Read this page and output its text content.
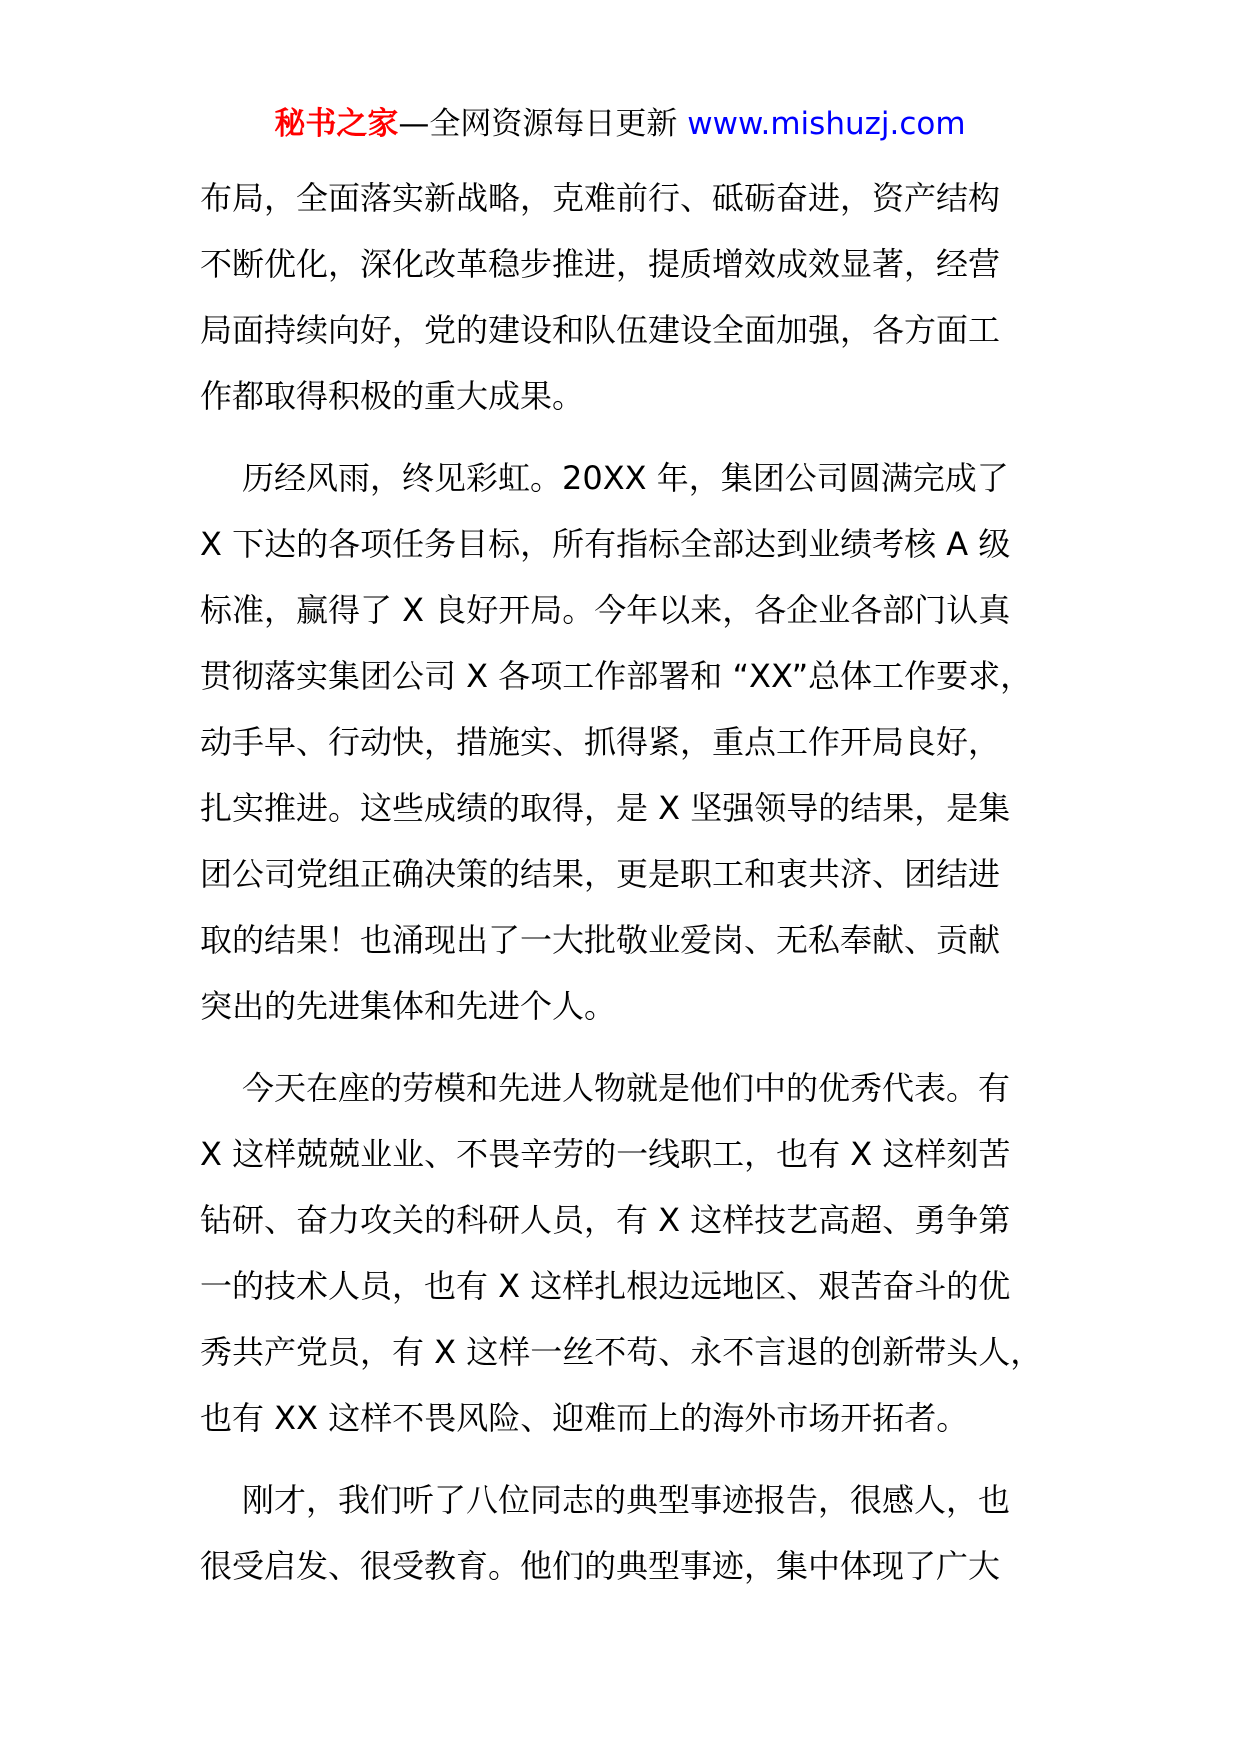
秘书之家—全网资源每日更新 www.mishuzj.com
布局，全面落实新战略，克难前行、砥砺奋进，资产结构
不断优化，深化改革稳步推进，提质增效成效显著，经营
局面持续向好，党的建设和队伍建设全面加强，各方面工
作都取得积极的重大成果。
历经风雨，终见彩虹。20XX 年，集团公司圆满完成了
X 下达的各项任务目标，所有指标全部达到业绩考核 A 级
标准，赢得了 X 良好开局。今年以来，各企业各部门认真
贯彻落实集团公司 X 各项工作部署和 “XX”总体工作要求，
动手早、行动快，措施实、抓得紧，重点工作开局良好，
扎实推进。这些成绩的取得，是 X 坚强领导的结果，是集
团公司党组正确决策的结果，更是职工和衷共济、团结进
取的结果！也涌现出了一大批敬业爱岗、无私奉献、贡献
突出的先进集体和先进个人。
今天在座的劳模和先进人物就是他们中的优秀代表。有
X 这样兢兢业业、不畏辛劳的一线职工，也有 X 这样刻苦
钻研、奋力攻关的科研人员，有 X 这样技艺高超、勇争第
一的技术人员，也有 X 这样扎根边远地区、艰苦奋斗的优
秀共产党员，有 X 这样一丝不苟、永不言退的创新带头人，
也有 XX 这样不畏风险、迎难而上的海外市场开拓者。
刚才，我们听了八位同志的典型事迹报告，很感人，也
很受启发、很受教育。他们的典型事迹，集中体现了广大
